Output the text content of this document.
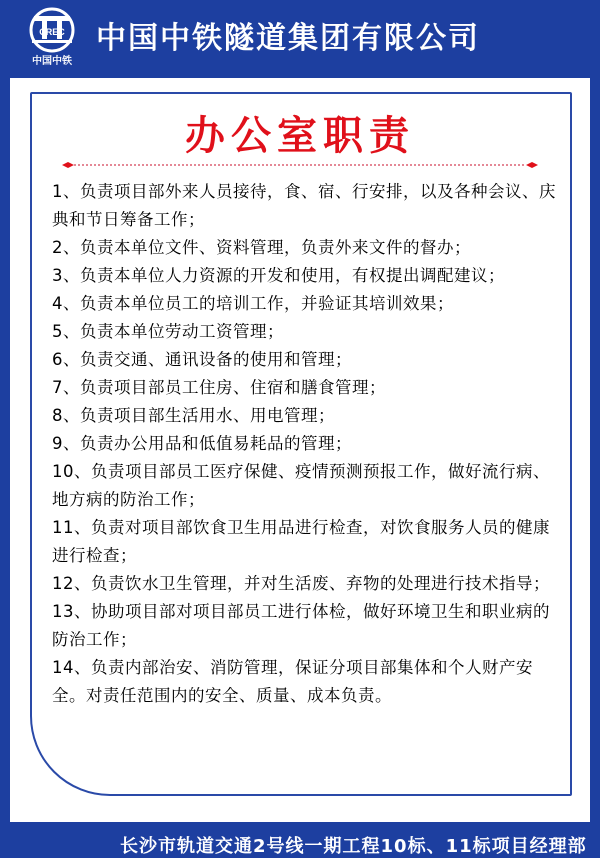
CREC
中国中铁
中国中铁隧道集团有限公司
办公室职责
1、负责项目部外来人员接待，食、宿、行安排，以及各种会议、庆典和节日筹备工作；
2、负责本单位文件、资料管理，负责外来文件的督办；
3、负责本单位人力资源的开发和使用，有权提出调配建议；
4、负责本单位员工的培训工作，并验证其培训效果；
5、负责本单位劳动工资管理；
6、负责交通、通讯设备的使用和管理；
7、负责项目部员工住房、住宿和膳食管理；
8、负责项目部生活用水、用电管理；
9、负责办公用品和低值易耗品的管理；
10、负责项目部员工医疗保健、疫情预测预报工作，做好流行病、地方病的防治工作；
11、负责对项目部饮食卫生用品进行检查，对饮食服务人员的健康进行检查；
12、负责饮水卫生管理，并对生活废、弃物的处理进行技术指导；
13、协助项目部对项目部员工进行体检，做好环境卫生和职业病的防治工作；
14、负责内部治安、消防管理，保证分项目部集体和个人财产安全。对责任范围内的安全、质量、成本负责。
长沙市轨道交通2号线一期工程10标、11标项目经理部
